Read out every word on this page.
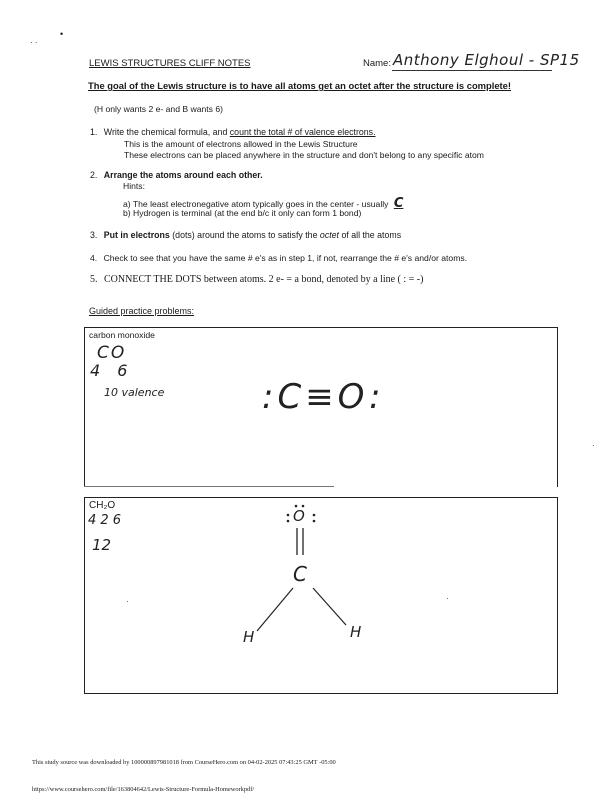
· ·
•
LEWIS STRUCTURES CLIFF NOTES	Name: Anthony Elghoul - SP15
The goal of the Lewis structure is to have all atoms get an octet after the structure is complete!
(H only wants 2 e- and B wants 6)
1. Write the chemical formula, and count the total # of valence electrons.
This is the amount of electrons allowed in the Lewis Structure
These electrons can be placed anywhere in the structure and don't belong to any specific atom
2. Arrange the atoms around each other.
Hints:
a) The least electronegative atom typically goes in the center - usually C
b) Hydrogen is terminal (at the end b/c it only can form 1 bond)
3. Put in electrons (dots) around the atoms to satisfy the octet of all the atoms
4. Check to see that you have the same # e's as in step 1, if not, rearrange the # e's and/or atoms.
5. CONNECT THE DOTS between atoms. 2 e- = a bond, denoted by a line ( : = -)
Guided practice problems:
carbon monoxide
CO
4 6
10 valence	:C≡O:
CH₂O
4 2 6
12
O
C
H	H
·	·
·
This study source was downloaded by 100000897981018 from CourseHero.com on 04-02-2025 07:43:25 GMT -05:00
https://www.coursehero.com/file/163804642/Lewis-Structure-Formula-Homeworkpdf/
